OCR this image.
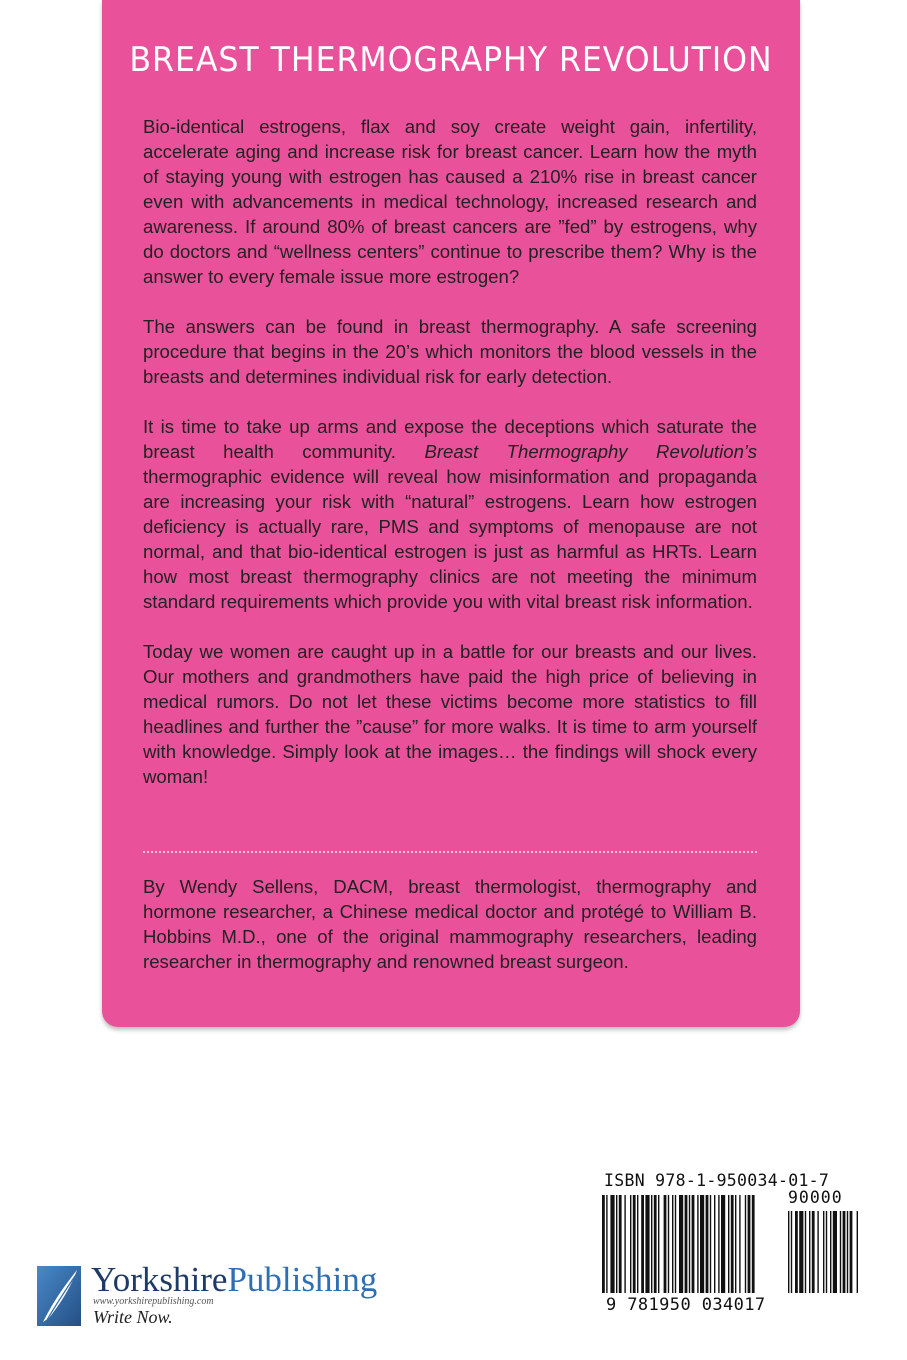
BREAST THERMOGRAPHY REVOLUTION

Bio-identical estrogens, flax and soy create weight gain, infertility, accelerate aging and increase risk for breast cancer. Learn how the myth of staying young with estrogen has caused a 210% rise in breast cancer even with advancements in medical technology, increased research and awareness. If around 80% of breast cancers are ”fed” by estrogens, why do doctors and “wellness centers” continue to prescribe them? Why is the answer to every female issue more estrogen?

The answers can be found in breast thermography. A safe screening procedure that begins in the 20’s which monitors the blood vessels in the breasts and determines individual risk for early detection.

It is time to take up arms and expose the deceptions which saturate the breast health community. Breast Thermography Revolution’s thermographic evidence will reveal how misinformation and propaganda are increasing your risk with “natural” estrogens. Learn how estrogen deficiency is actually rare, PMS and symptoms of menopause are not normal, and that bio-identical estrogen is just as harmful as HRTs. Learn how most breast thermography clinics are not meeting the minimum standard requirements which provide you with vital breast risk information.

Today we women are caught up in a battle for our breasts and our lives. Our mothers and grandmothers have paid the high price of believing in medical rumors. Do not let these victims become more statistics to fill headlines and further the ”cause” for more walks. It is time to arm yourself with knowledge. Simply look at the images… the findings will shock every woman!

By Wendy Sellens, DACM, breast thermologist, thermography and hormone researcher, a Chinese medical doctor and protégé to William B. Hobbins M.D., one of the original mammography researchers, leading researcher in thermography and renowned breast surgeon.
YorkshirePublishing
www.yorkshirepublishing.com
Write Now.
ISBN 978-1-950034-01-7
90000
9 781950 034017
